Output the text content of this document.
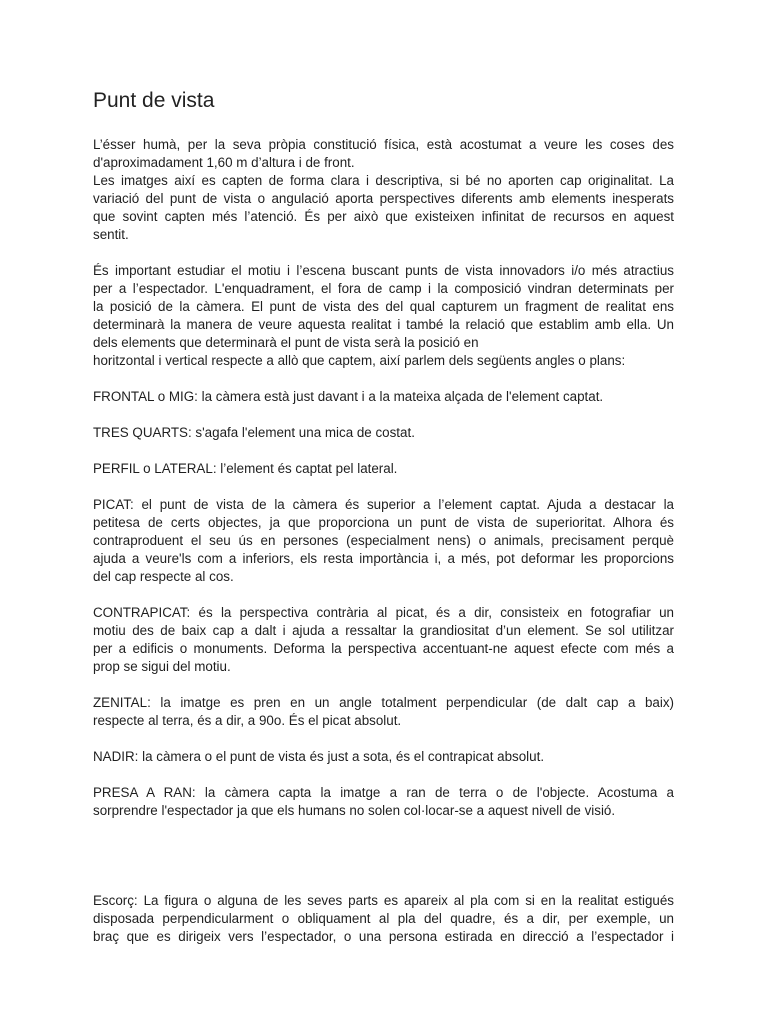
Punt de vista

L’ésser humà, per la seva pròpia constitució física, està acostumat a veure les coses des
d'aproximadament 1,60 m d’altura i de front.
Les imatges així es capten de forma clara i descriptiva, si bé no aporten cap originalitat. La
variació del punt de vista o angulació aporta perspectives diferents amb elements inesperats
que sovint capten més l’atenció. És per això que existeixen infinitat de recursos en aquest
sentit.

És important estudiar el motiu i l’escena buscant punts de vista innovadors i/o més atractius
per a l’espectador. L'enquadrament, el fora de camp i la composició vindran determinats per
la posició de la càmera. El punt de vista des del qual capturem un fragment de realitat ens
determinarà la manera de veure aquesta realitat i també la relació que establim amb ella. Un
dels elements que determinarà el punt de vista serà la posició en
horitzontal i vertical respecte a allò que captem, així parlem dels següents angles o plans:

FRONTAL o MIG: la càmera està just davant i a la mateixa alçada de l'element captat.

TRES QUARTS: s'agafa l'element una mica de costat.

PERFIL o LATERAL: l’element és captat pel lateral.

PICAT: el punt de vista de la càmera és superior a l’element captat. Ajuda a destacar la
petitesa de certs objectes, ja que proporciona un punt de vista de superioritat. Alhora és
contraproduent el seu ús en persones (especialment nens) o animals, precisament perquè
ajuda a veure'ls com a inferiors, els resta importància i, a més, pot deformar les proporcions
del cap respecte al cos.

CONTRAPICAT: és la perspectiva contrària al picat, és a dir, consisteix en fotografiar un
motiu des de baix cap a dalt i ajuda a ressaltar la grandiositat d’un element. Se sol utilitzar
per a edificis o monuments. Deforma la perspectiva accentuant-ne aquest efecte com més a
prop se sigui del motiu.

ZENITAL: la imatge es pren en un angle totalment perpendicular (de dalt cap a baix)
respecte al terra, és a dir, a 90o. És el picat absolut.

NADIR: la càmera o el punt de vista és just a sota, és el contrapicat absolut.

PRESA A RAN: la càmera capta la imatge a ran de terra o de l'objecte. Acostuma a
sorprendre l'espectador ja que els humans no solen col·locar-se a aquest nivell de visió.

Escorç: La figura o alguna de les seves parts es apareix al pla com si en la realitat estigués
disposada perpendicularment o obliquament al pla del quadre, és a dir, per exemple, un
braç que es dirigeix vers l’espectador, o una persona estirada en direcció a l’espectador i
